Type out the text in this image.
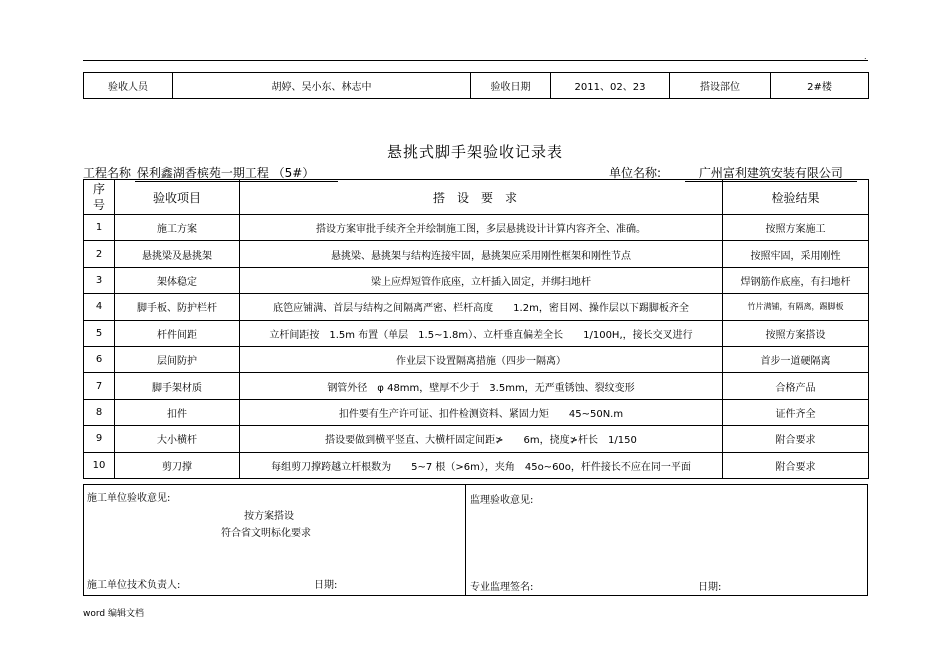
.
验收人员	胡婷、吴小东、林志中	验收日期	2011、02、23	搭设部位	2#楼
悬挑式脚手架验收记录表
工程名称 保利鑫湖香槟苑一期工程 （5#）	单位名称:	广州富利建筑安装有限公司
序
号	验收项目	搭设要求	检验结果
1	施工方案	搭设方案审批手续齐全并绘制施工图，多层悬挑设计计算内容齐全、准确。	按照方案施工
2	悬挑梁及悬挑架	悬挑梁、悬挑架与结构连接牢固，悬挑架应采用刚性框架和刚性节点	按照牢固，采用刚性
3	架体稳定	梁上应焊短管作底座，立杆插入固定，并绑扫地杆	焊钢筋作底座，有扫地杆
4	脚手板、防护栏杆	底笆应铺满、首层与结构之间隔离严密、栏杆高度　　1.2m，密目网、操作层以下踢脚板齐全	竹片满铺，有隔离，踢脚板
5	杆件间距	立杆间距按　1.5m 布置（单层　1.5~1.8m）、立杆垂直偏差全长　　1/100H,，接长交叉进行	按照方案搭设
6	层间防护	作业层下设置隔离措施（四步一隔离）	首步一道硬隔离
7	脚手架材质	钢管外径　φ 48mm，壁厚不少于　3.5mm，无严重锈蚀、裂纹变形	合格产品
8	扣件	扣件要有生产许可证、扣件检测资料、紧固力矩　　45~50N.m	证件齐全
9	大小横杆	搭设要做到横平竖直、大横杆固定间距≯　　6m，挠度≯杆长　1/150	附合要求
10	剪刀撑	每组剪刀撑跨越立杆根数为　　5~7 根（>6m），夹角　45o~60o，杆件接长不应在同一平面	附合要求
施工单位验收意见:
按方案搭设
符合省文明标化要求
施工单位技术负责人:	日期:
监理验收意见:
专业监理签名:	日期:
word 编辑文档
